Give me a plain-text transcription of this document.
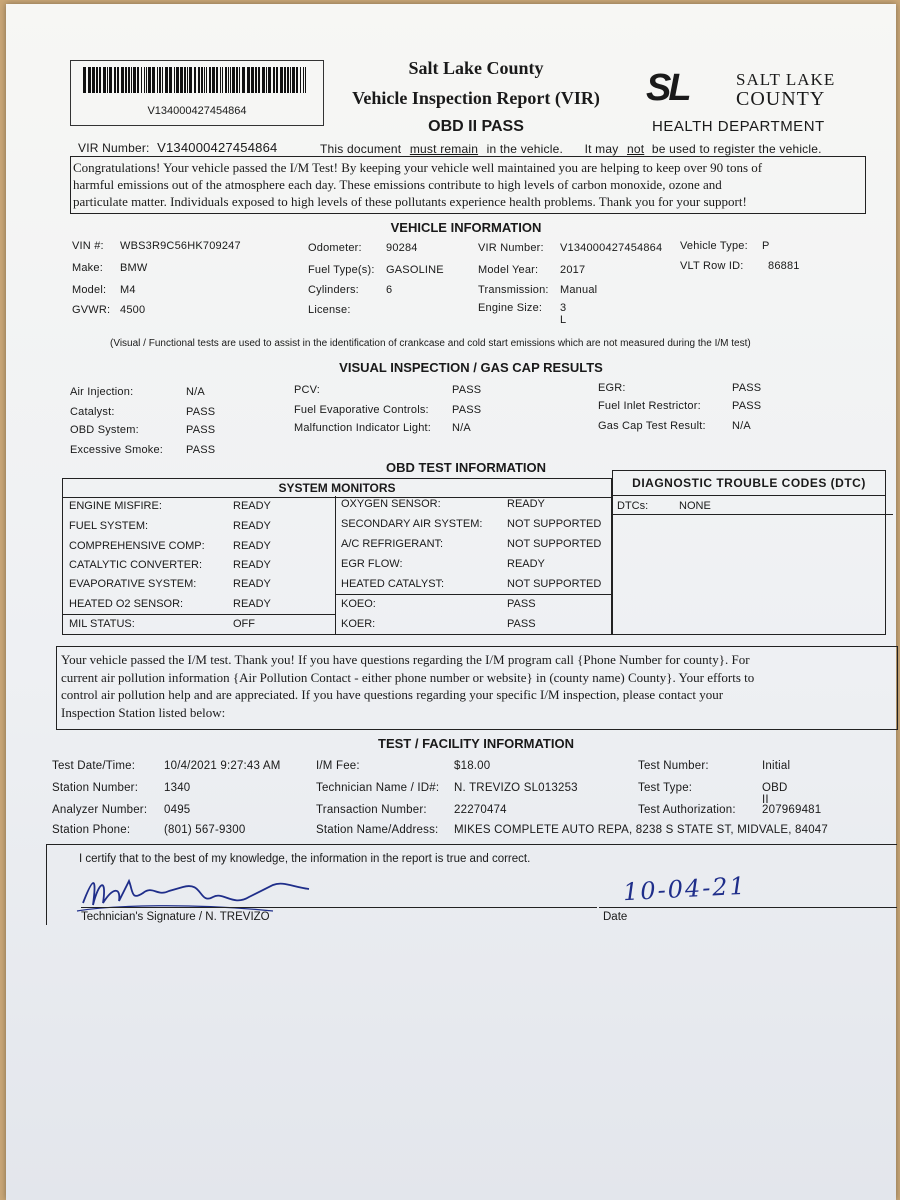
V134000427454864
Salt Lake County
Vehicle Inspection Report (VIR)
OBD II PASS
SL	SALT LAKE
COUNTY
HEALTH DEPARTMENT
VIR Number: V134000427454864	This document must remain in the vehicle. It may not be used to register the vehicle.
Congratulations! Your vehicle passed the I/M Test! By keeping your vehicle well maintained you are helping to keep over 90 tons of
harmful emissions out of the atmosphere each day. These emissions contribute to high levels of carbon monoxide, ozone and
particulate matter. Individuals exposed to high levels of these pollutants experience health problems. Thank you for your support!
VEHICLE INFORMATION
VIN #: WBS3R9C56HK709247
Make: BMW
Model: M4
GVWR: 4500
Odometer: 90284
Fuel Type(s): GASOLINE
Cylinders: 6
License:
VIR Number: V134000427454864
Model Year: 2017
Transmission: Manual
Engine Size: 3 L
Vehicle Type: P
VLT Row ID: 86881
(Visual / Functional tests are used to assist in the identification of crankcase and cold start emissions which are not measured during the I/M test)
VISUAL INSPECTION / GAS CAP RESULTS
Air Injection:	N/A
Catalyst:	PASS
OBD System:	PASS
Excessive Smoke: PASS
PCV:	PASS
Fuel Evaporative Controls: PASS
Malfunction Indicator Light: N/A
EGR:	PASS
Fuel Inlet Restrictor:	PASS
Gas Cap Test Result: N/A
OBD TEST INFORMATION
SYSTEM MONITORS	DIAGNOSTIC TROUBLE CODES (DTC)
DTCs:	NONE
ENGINE MISFIRE:	READY
FUEL SYSTEM:	READY
COMPREHENSIVE COMP:	READY
CATALYTIC CONVERTER:	READY
EVAPORATIVE SYSTEM:	READY
HEATED O2 SENSOR:	READY
MIL STATUS:	OFF
OXYGEN SENSOR:	READY
SECONDARY AIR SYSTEM: NOT SUPPORTED
A/C REFRIGERANT:	NOT SUPPORTED
EGR FLOW:	READY
HEATED CATALYST:	NOT SUPPORTED
KOEO:	PASS
KOER:	PASS
Your vehicle passed the I/M test. Thank you! If you have questions regarding the I/M program call {Phone Number for county}. For
current air pollution information {Air Pollution Contact - either phone number or website} in (county name) County}. Your efforts to
control air pollution help and are appreciated. If you have questions regarding your specific I/M inspection, please contact your
Inspection Station listed below:
TEST / FACILITY INFORMATION
Test Date/Time:	10/4/2021 9:27:43 AM
Station Number: 1340
Analyzer Number: 0495
Station Phone:	(801) 567-9300
I/M Fee:	$18.00
Technician Name / ID#: N. TREVIZO SL013253
Transaction Number: 22270474
Station Name/Address: MIKES COMPLETE AUTO REPA, 8238 S STATE ST, MIDVALE, 84047
Test Number:	Initial
Test Type:	OBD II
Test Authorization: 207969481
I certify that to the best of my knowledge, the information in the report is true and correct.
Technician's Signature / N. TREVIZO
10-04-21
Date
